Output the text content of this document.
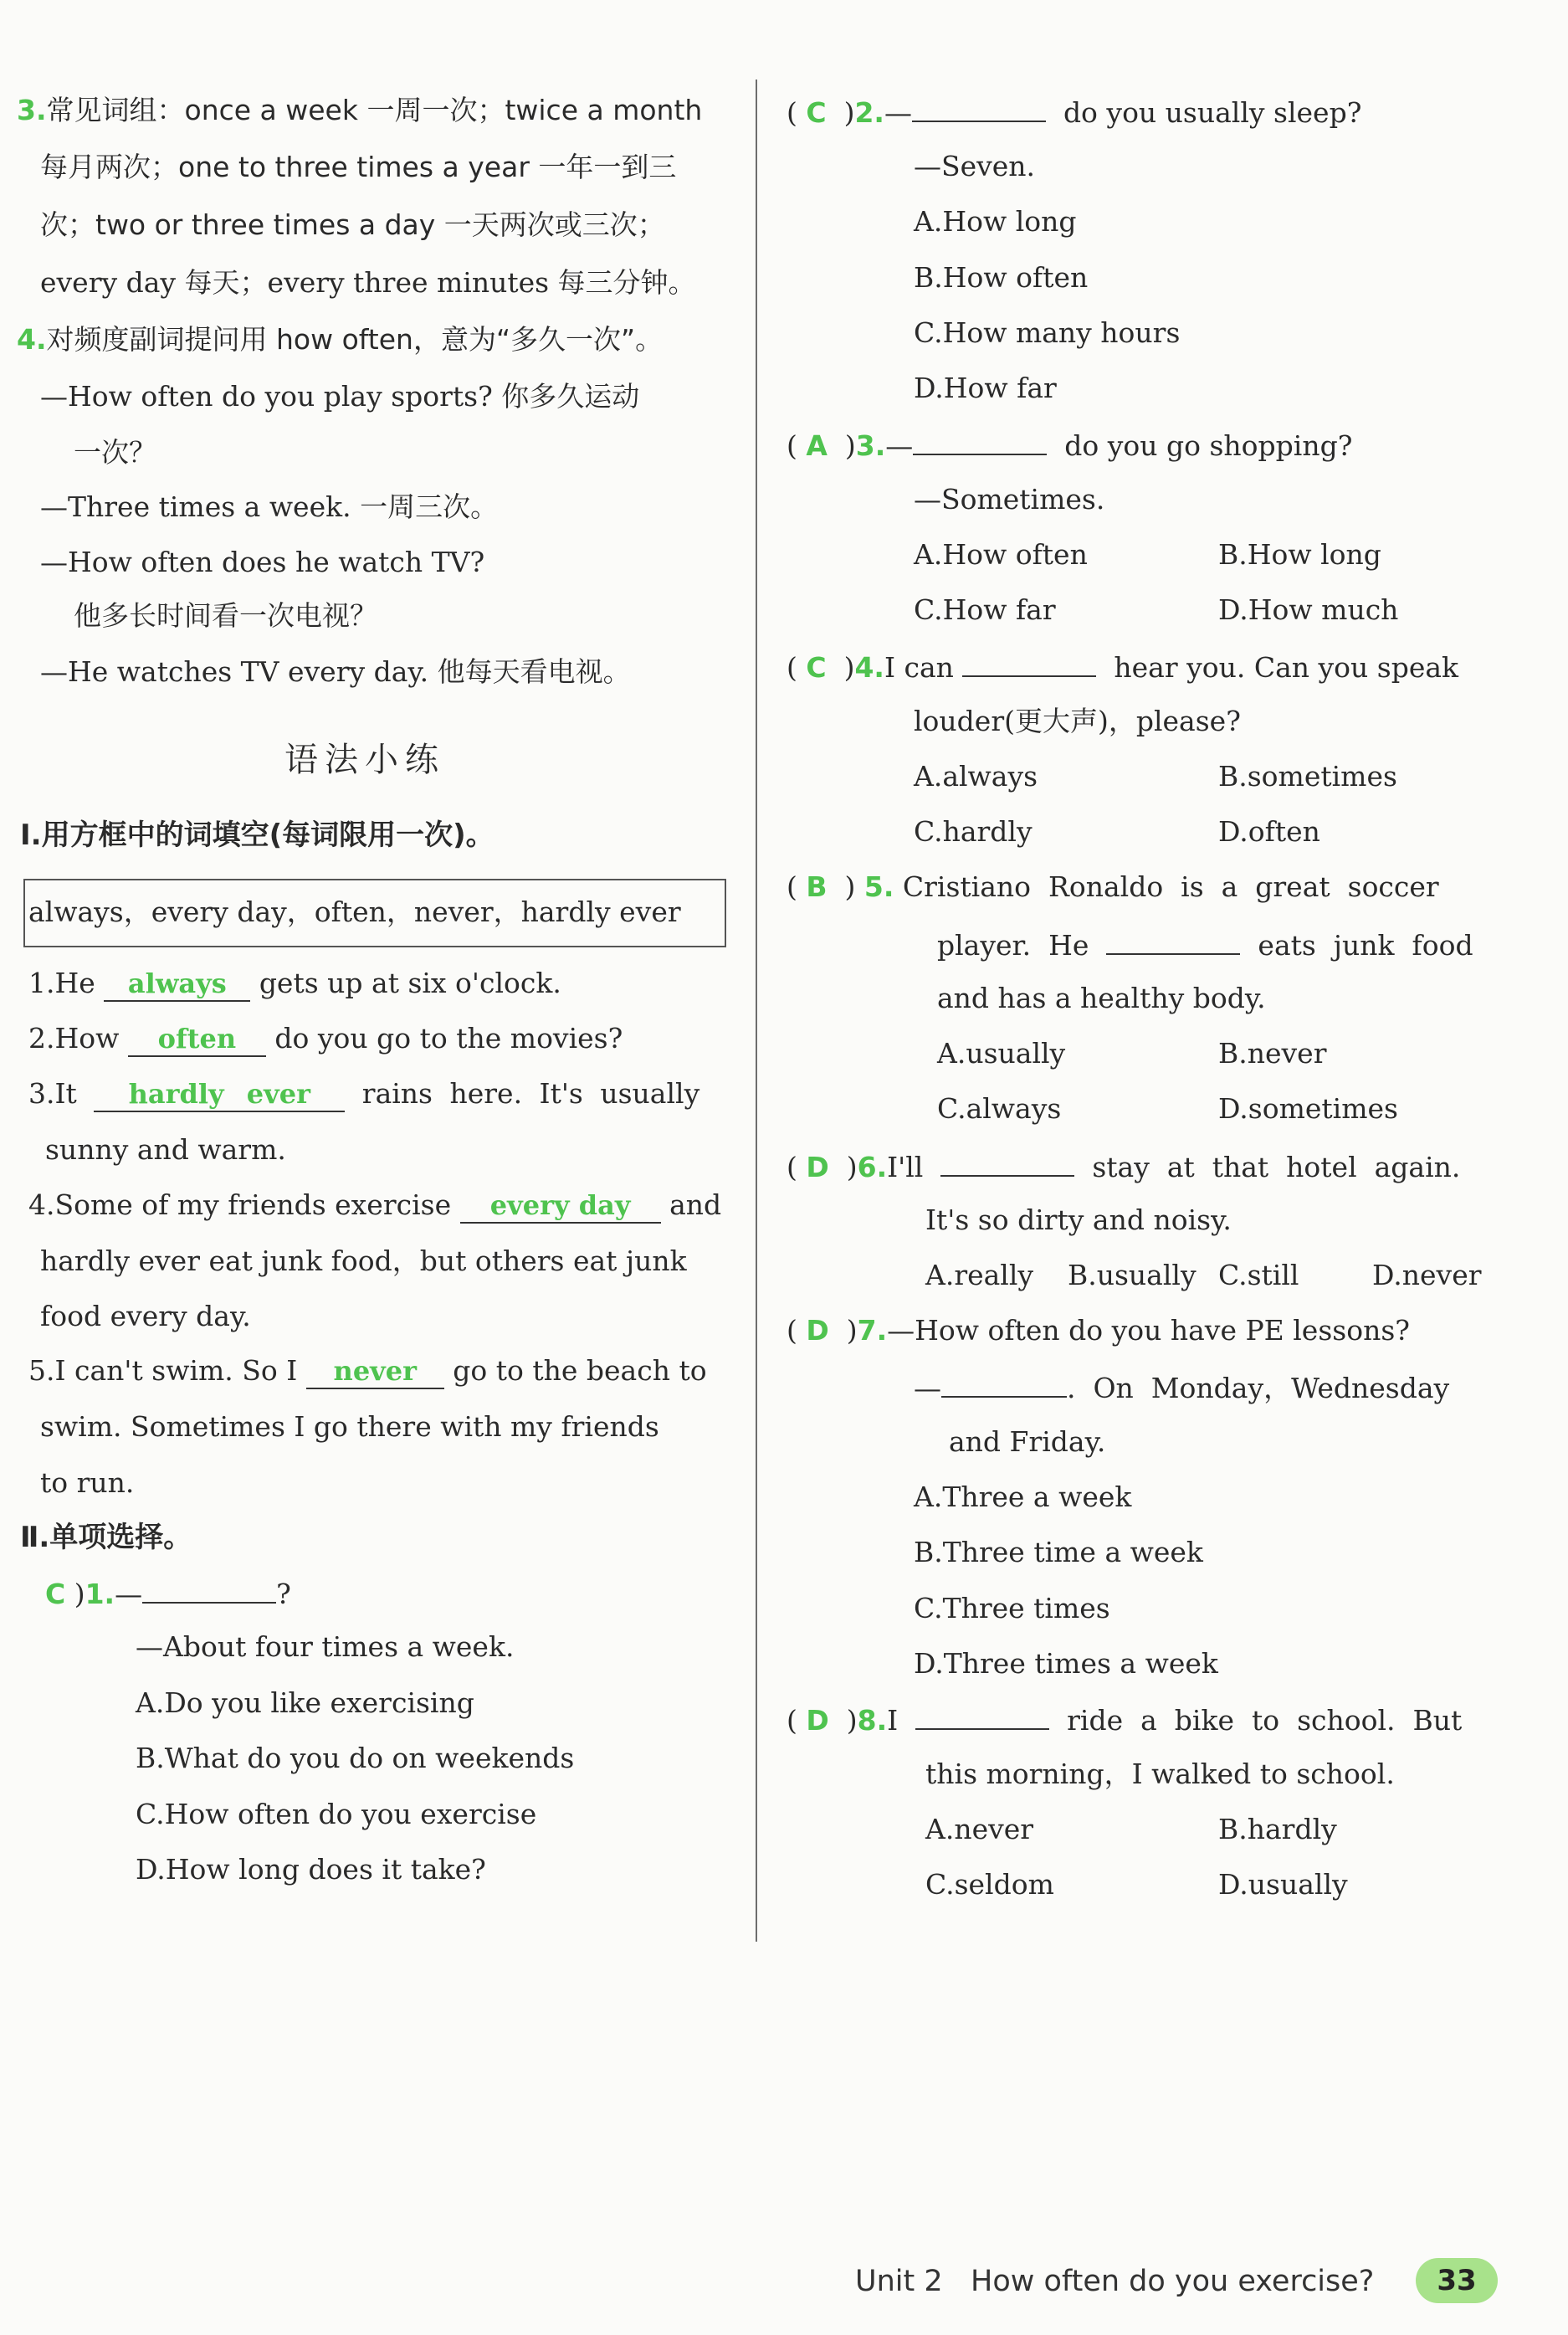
3.常见词组：once a week 一周一次；twice a month
每月两次；one to three times a year 一年一到三
次；two or three times a day 一天两次或三次；
every day 每天；every three minutes 每三分钟。
4.对频度副词提问用 how often，意为“多久一次”。
—How often do you play sports? 你多久运动
一次？
—Three times a week. 一周三次。
—How often does he watch TV?
他多长时间看一次电视？
—He watches TV every day. 他每天看电视。
语法小练
Ⅰ.用方框中的词填空(每词限用一次)。
always，every day，often，never，hardly ever
1.He always gets up at six o'clock.
2.How often do you go to the movies?
3.It hardly ever rains here. It's usually
sunny and warm.
4.Some of my friends exercise every day and
hardly ever eat junk food，but others eat junk
food every day.
5.I can't swim. So I never go to the beach to
swim. Sometimes I go there with my friends
to run.
Ⅱ.单项选择。
C )1.—	?
—About four times a week.
A.Do you like exercising
B.What do you do on weekends
C.How often do you exercise
D.How long does it take?
( C )2.—	do you usually sleep?
—Seven.
A.How long
B.How often
C.How many hours
D.How far
( A )3.—	do you go shopping?
—Sometimes.
A.How often	B.How long
C.How far	D.How much
( C )4.I can	hear you. Can you speak
louder(更大声)，please?
A.always	B.sometimes
C.hardly	D.often
( B ) 5. Cristiano  Ronaldo  is  a  great  soccer
player.  He	eats  junk  food
and has a healthy body.
A.usually	B.never
C.always	D.sometimes
( D )6.I'll	stay  at  that  hotel  again.
It's so dirty and noisy.
A.really B.usually C.still	D.never
( D )7.—How often do you have PE lessons?
—	.  On  Monday，Wednesday
and Friday.
A.Three a week
B.Three time a week
C.Three times
D.Three times a week
( D )8.I	ride  a  bike  to  school.  But
this morning，I walked to school.
A.never	B.hardly
C.seldom	D.usually
Unit 2 How often do you exercise?	33
